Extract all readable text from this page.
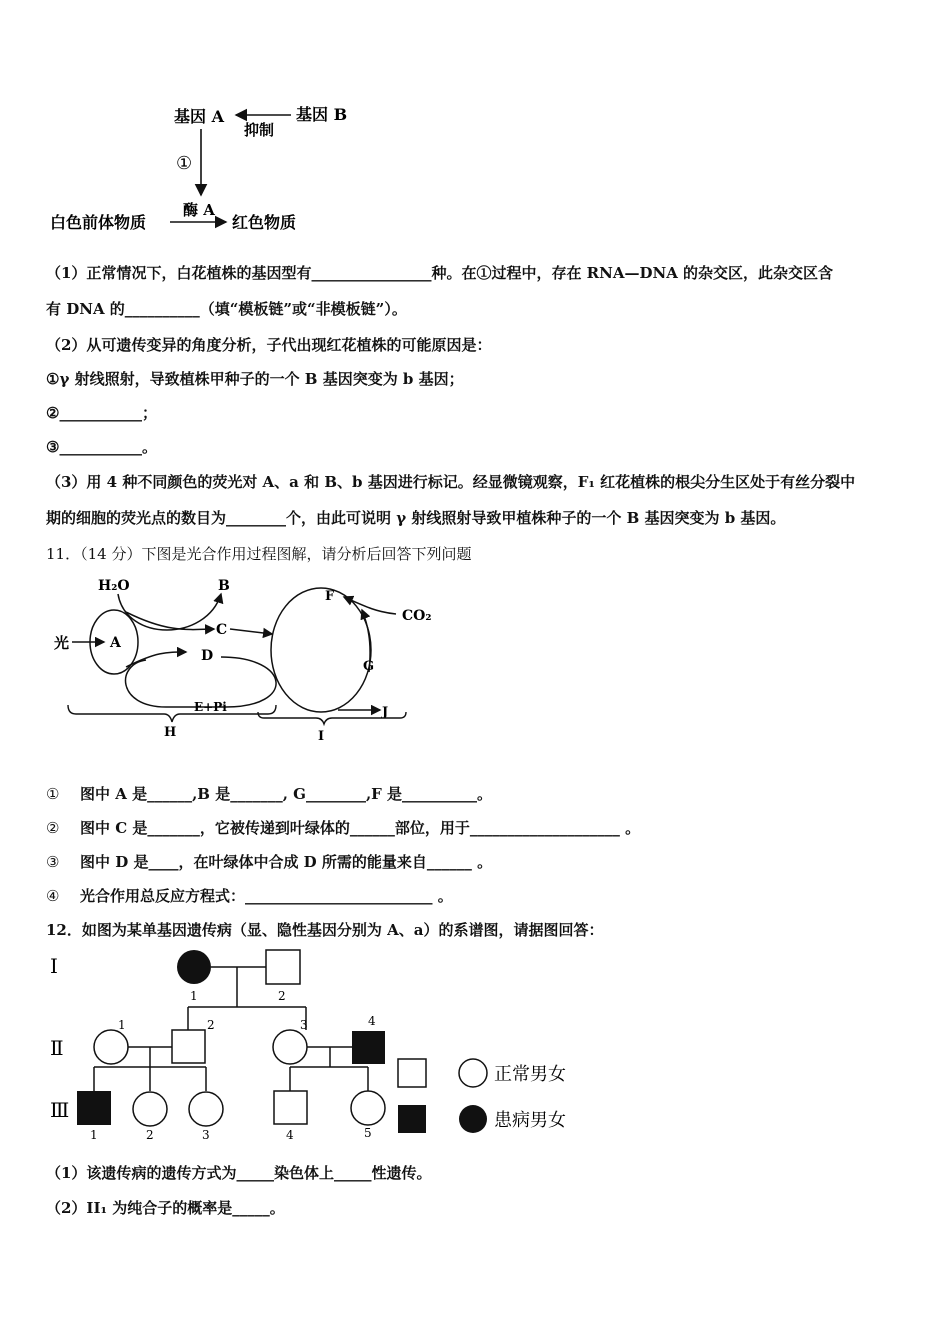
基因 A	基因 B
抑制
①
酶 A
白色前体物质	红色物质
（1）正常情况下，白花植株的基因型有________________种。在①过程中，存在 RNA—DNA 的杂交区，此杂交区含
有 DNA 的__________（填“模板链”或“非模板链”）。
（2）从可遗传变异的角度分析，子代出现红花植株的可能原因是：
①γ 射线照射，导致植株甲种子的一个 B 基因突变为 b 基因；
②___________；
③___________。
（3）用 4 种不同颜色的荧光对 A、a 和 B、b 基因进行标记。经显微镜观察，F₁ 红花植株的根尖分生区处于有丝分裂中
期的细胞的荧光点的数目为________个，由此可说明 γ 射线照射导致甲植株种子的一个 B 基因突变为 b 基因。
11．（14 分）下图是光合作用过程图解，请分析后回答下列问题
H₂O	B
光	A
C
D
E+Pi
H
F
CO₂
G
J
I
① 图中 A 是______,B 是_______, G________,F 是__________。
② 图中 C 是_______，它被传递到叶绿体的______部位，用于____________________ 。
③ 图中 D 是____，在叶绿体中合成 D 所需的能量来自______ 。
④ 光合作用总反应方程式：_________________________ 。
12．如图为某单基因遗传病（显、隐性基因分别为 A、a）的系谱图，请据图回答：
Ⅰ
Ⅱ
Ⅲ
1	2
1	2	3	4
1	2	3	4	5
正常男女
患病男女
（1）该遗传病的遗传方式为_____染色体上_____性遗传。
（2）II₁ 为纯合子的概率是_____。
